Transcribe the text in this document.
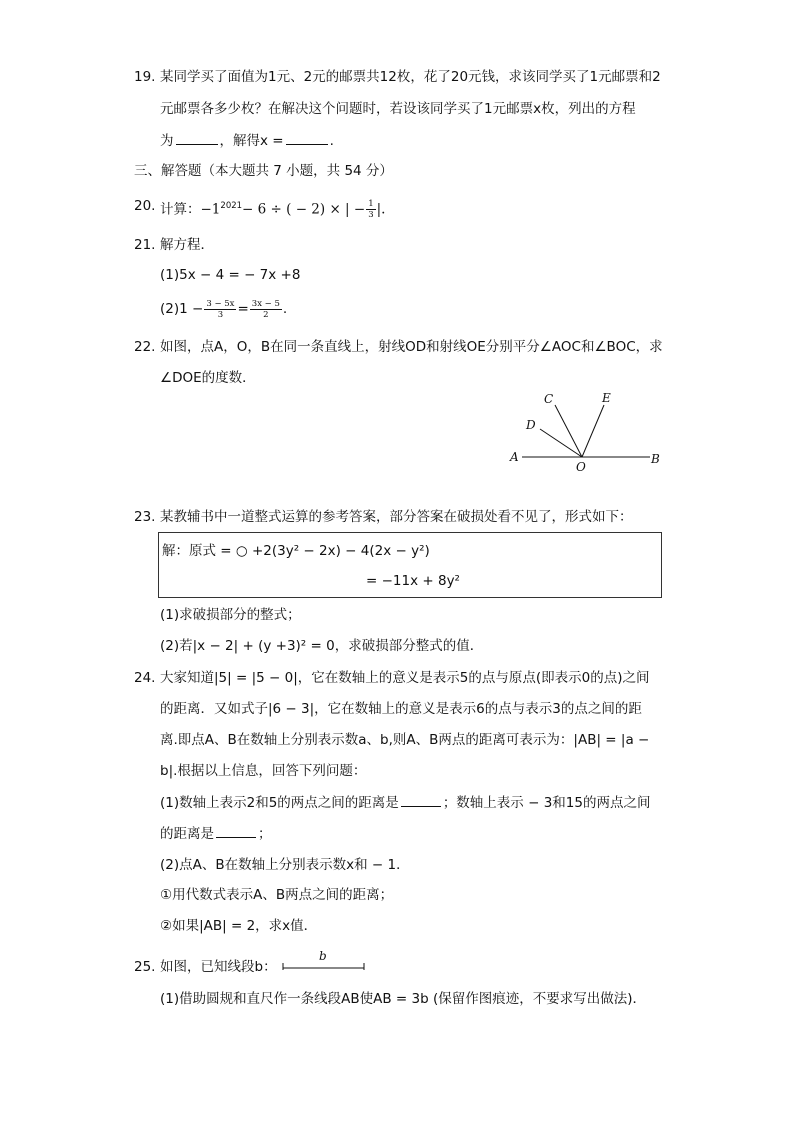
19. 某同学买了面值为1元、2元的邮票共12枚，花了20元钱，求该同学买了1元邮票和2
元邮票各多少枚？在解决这个问题时，若设该同学买了1元邮票x枚，列出的方程
为	，解得x =	.
三、解答题（本大题共 7 小题，共 54 分）
20. 计算：$-1^{2021}- 6$ ÷ ( − 2) × | − $\frac{1}{3}$ |.
21. 解方程．
(1)5x − 4 = − 7x +8
$(2)1 - \frac{3 - 5x}{3} = \frac{3x - 5}{2}$ .
22. 如图，点A，O，B在同一条直线上，射线OD和射线OE分别平分∠AOC和∠BOC，求
∠DOE的度数．
A
O
B
C
D
E
23. 某教辅书中一道整式运算的参考答案，部分答案在破损处看不见了，形式如下：
解：原式 = ○ +2(3y² − 2x) − 4(2x − y²)
= −11x + 8y²
(1)求破损部分的整式；
(2)若|x − 2| + (y +3)² = 0，求破损部分整式的值．
24. 大家知道|5| = |5 − 0|，它在数轴上的意义是表示5的点与原点(即表示0的点)之间
的距离．又如式子|6 − 3|，它在数轴上的意义是表示6的点与表示3的点之间的距
离.即点A、B在数轴上分别表示数a、b,则A、B两点的距离可表示为：|AB| = |a −
b|.根据以上信息，回答下列问题：
(1)数轴上表示2和5的两点之间的距离是	；数轴上表示 − 3和15的两点之间
的距离是	；
(2)点A、B在数轴上分别表示数x和 − 1．
①用代数式表示A、B两点之间的距离；
②如果|AB| = 2，求x值．
25. 如图，已知线段b：
b
(1)借助圆规和直尺作一条线段AB使AB = 3b (保留作图痕迹，不要求写出做法)．
